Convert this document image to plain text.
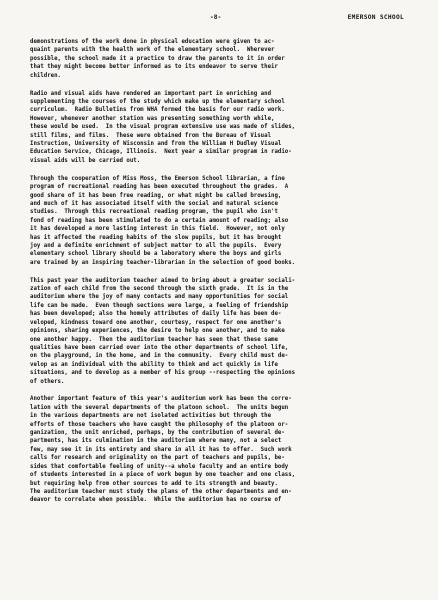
-8-	EMERSON SCHOOL

demonstrations of the work done in physical education were given to ac-
quaint parents with the health work of the elementary school.  Wherever
possible, the school made it a practice to draw the parents to it in order
that they might become better informed as to its endeavor to serve their
children.

Radio and visual aids have rendered an important part in enriching and
supplementing the courses of the study which make up the elementary school
curriculum.  Radio Bulletins from WHA formed the basis for our radio work.
However, whenever another station was presenting something worth while,
these would be used.  In the visual program extensive use was made of slides,
still films, and films.  These were obtained from the Bureau of Visual
Instruction, University of Wisconsin and from the William H Dudley Visual
Education Service, Chicago, Illinois.  Next year a similar program in radio-
visual aids will be carried out.

Through the cooperation of Miss Moss, the Emerson School librarian, a fine
program of recreational reading has been executed throughout the grades.  A
good share of it has been free reading, or what might be called browsing,
and much of it has associated itself with the social and natural science
studies.  Through this recreational reading program, the pupil who isn't
fond of reading has been stimulated to do a certain amount of reading; also
it has developed a more lasting interest in this field.  However, not only
has it affected the reading habits of the slow pupils, but it has brought
joy and a definite enrichment of subject matter to all the pupils.  Every
elementary school library should be a laboratory where the boys and girls
are trained by an inspiring teacher-librarian in the selection of good books.

This past year the auditorium teacher aimed to bring about a greater sociali-
zation of each child from the second through the sixth grade.  It is in the
auditorium where the joy of many contacts and many opportunities for social
life can be made.  Even though sections were large, a feeling of friendship
has been developed; also the homely attributes of daily life has been de-
veloped, kindness toward one another, courtesy, respect for one another's
opinions, sharing experiences, the desire to help one another, and to make
one another happy.  Then the auditorium teacher has seen that these same
qualities have been carried over into the other departments of school life,
on the playground, in the home, and in the community.  Every child must de-
velop as an individual with the ability to think and act quickly in life
situations, and to develop as a member of his group --respecting the opinions
of others.

Another important feature of this year's auditorium work has been the corre-
lation with the several departments of the platoon school.  The units begun
in the various departments are not isolated activities but through the
efforts of those teachers who have caught the philosophy of the platoon or-
ganization, the unit enriched, perhaps, by the contribution of several de-
partments, has its culmination in the auditorium where many, not a select
few, may see it in its entirety and share in all it has to offer.  Such work
calls for research and originality on the part of teachers and pupils, be-
sides that comfortable feeling of unity--a whole faculty and an entire body
of students interested in a piece of work begun by one teacher and one class,
but requiring help from other sources to add to its strength and beauty.
The auditorium teacher must study the plans of the other departments and en-
deavor to correlate when possible.  While the auditorium has no course of
